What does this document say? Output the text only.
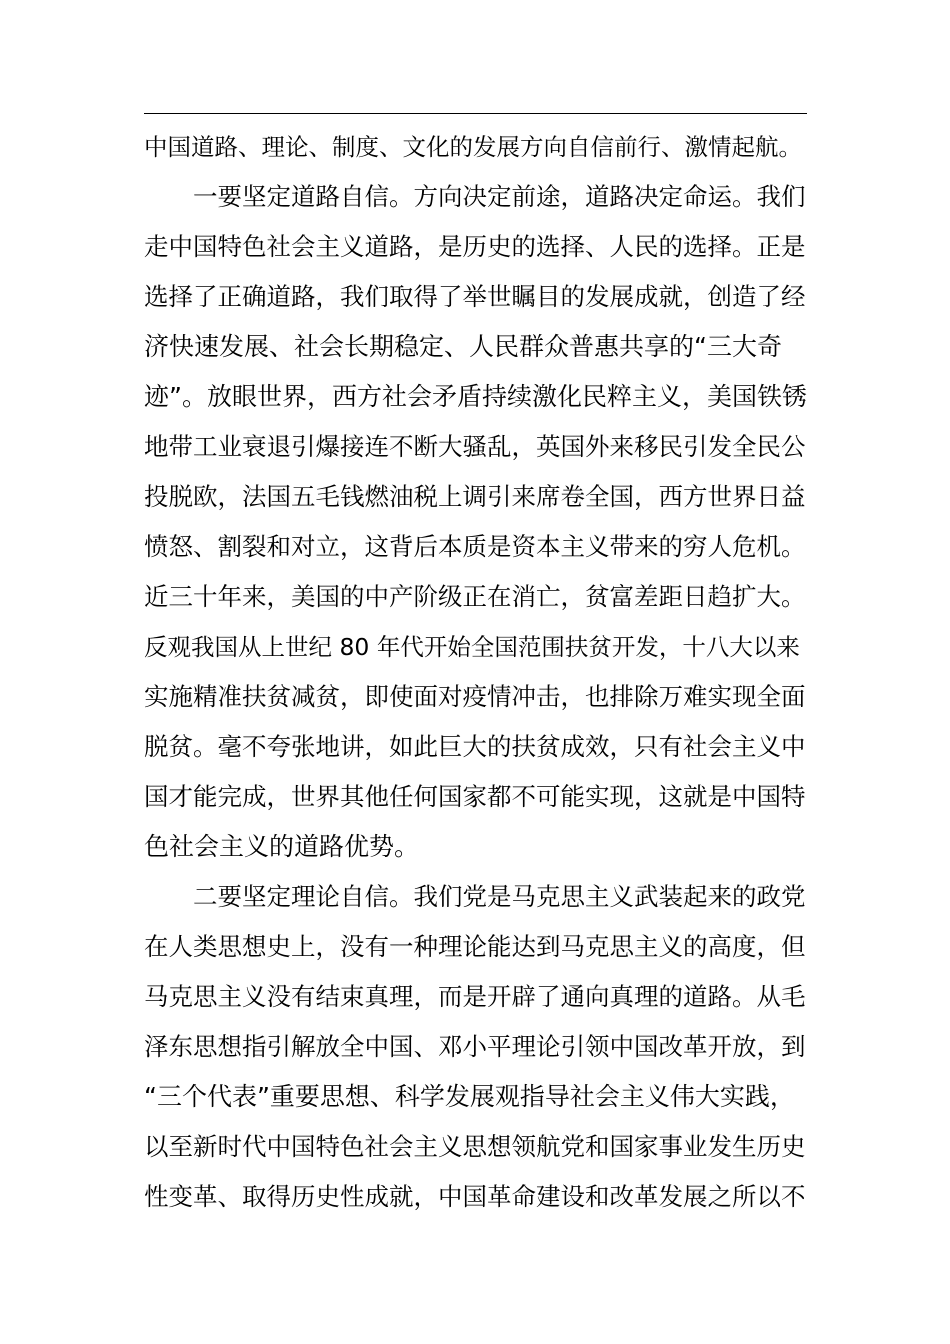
中国道路、理论、制度、文化的发展方向自信前行、激情起航。
　　一要坚定道路自信。方向决定前途，道路决定命运。我们
走中国特色社会主义道路，是历史的选择、人民的选择。正是
选择了正确道路，我们取得了举世瞩目的发展成就，创造了经
济快速发展、社会长期稳定、人民群众普惠共享的“三大奇
迹”。放眼世界，西方社会矛盾持续激化民粹主义，美国铁锈
地带工业衰退引爆接连不断大骚乱，英国外来移民引发全民公
投脱欧，法国五毛钱燃油税上调引来席卷全国，西方世界日益
愤怒、割裂和对立，这背后本质是资本主义带来的穷人危机。
近三十年来，美国的中产阶级正在消亡，贫富差距日趋扩大。
反观我国从上世纪 80 年代开始全国范围扶贫开发，十八大以来
实施精准扶贫减贫，即使面对疫情冲击，也排除万难实现全面
脱贫。毫不夸张地讲，如此巨大的扶贫成效，只有社会主义中
国才能完成，世界其他任何国家都不可能实现，这就是中国特
色社会主义的道路优势。
　　二要坚定理论自信。我们党是马克思主义武装起来的政党
在人类思想史上，没有一种理论能达到马克思主义的高度，但
马克思主义没有结束真理，而是开辟了通向真理的道路。从毛
泽东思想指引解放全中国、邓小平理论引领中国改革开放，到
“三个代表”重要思想、科学发展观指导社会主义伟大实践，
以至新时代中国特色社会主义思想领航党和国家事业发生历史
性变革、取得历史性成就，中国革命建设和改革发展之所以不
